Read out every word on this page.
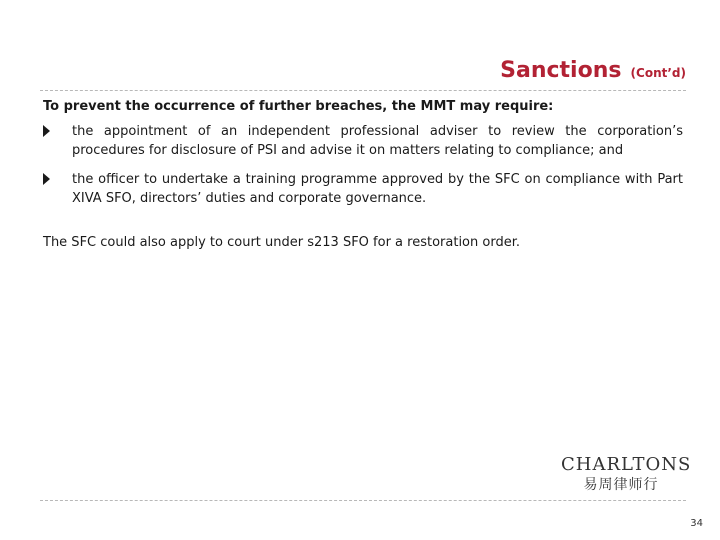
Sanctions (Cont’d)
To prevent the occurrence of further breaches, the MMT may require:
the appointment of an independent professional adviser to review the corporation’s procedures for disclosure of PSI and advise it on matters relating to compliance; and
the officer to undertake a training programme approved by the SFC on compliance with Part XIVA SFO, directors’ duties and corporate governance.
The SFC could also apply to court under s213 SFO for a restoration order.
CHARLTONS
易周律师行
34
